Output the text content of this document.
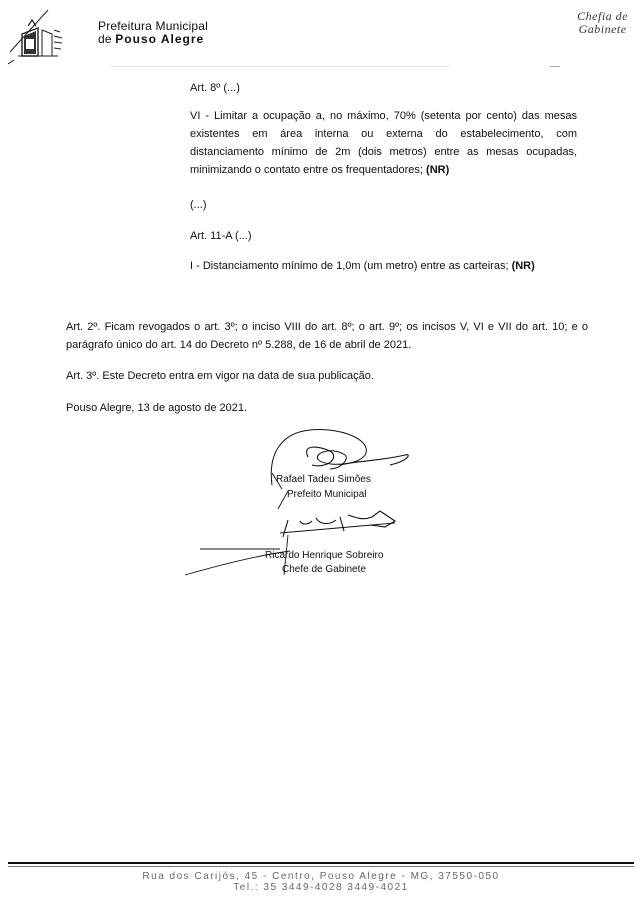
Prefeitura Municipal
de Pouso Alegre
Chefia de
Gabinete
Art. 8º (...)
VI - Limitar a ocupação a, no máximo, 70% (setenta por cento) das mesas existentes em área interna ou externa do estabelecimento, com distanciamento mínimo de 2m (dois metros) entre as mesas ocupadas, minimizando o contato entre os frequentadores; (NR)
(...)
Art. 11-A (...)
I - Distanciamento mínimo de 1,0m (um metro) entre as carteiras; (NR)
Art. 2º. Ficam revogados o art. 3º; o inciso VIII do art. 8º; o art. 9º; os incisos V, VI e VII do art. 10; e o parágrafo único do art. 14 do Decreto nº 5.288, de 16 de abril de 2021.
Art. 3º. Este Decreto entra em vigor na data de sua publicação.
Pouso Alegre, 13 de agosto de 2021.
Rafael Tadeu Simões
Prefeito Municipal
Ricardo Henrique Sobreiro
Chefe de Gabinete
Rua dos Carijós, 45 - Centro, Pouso Alegre - MG, 37550-050
Tel.: 35 3449-4028 3449-4021
